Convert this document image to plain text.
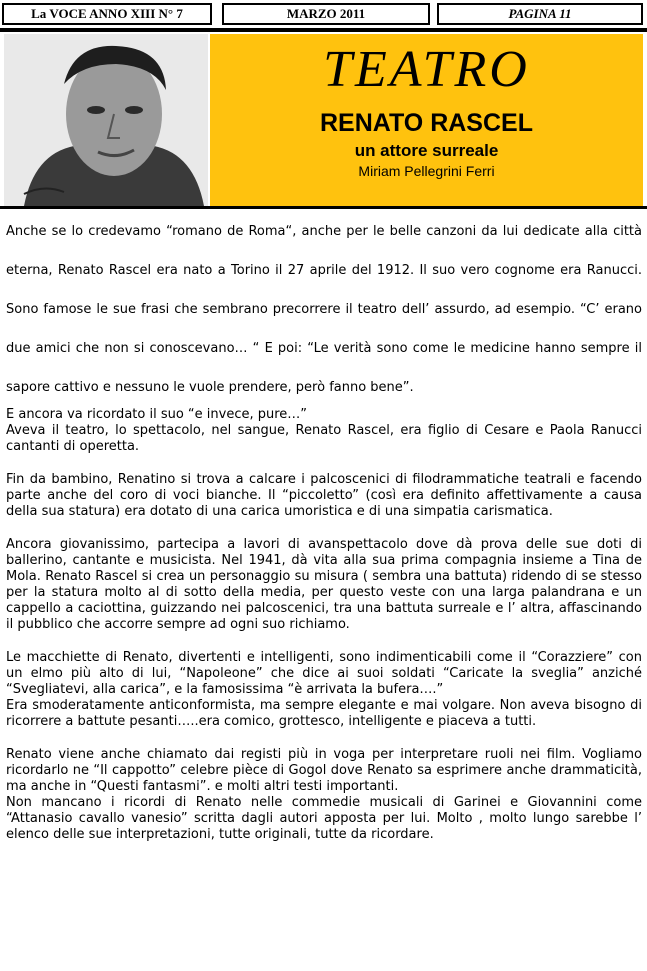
La VOCE ANNO XIII N° 7	MARZO 2011	PAGINA 11
TEATRO
RENATO RASCEL
un attore surreale
Miriam Pellegrini Ferri

Anche se lo credevamo “romano de Roma“, anche per le belle canzoni da lui dedicate alla città eterna, Renato Rascel era nato a Torino il 27 aprile del 1912. Il suo vero cognome era Ranucci. Sono famose le sue frasi che sembrano precorrere il teatro dell’ assurdo, ad esempio. “C’ erano due amici che non si conoscevano… “ E poi: “Le verità sono come le medicine hanno sempre il sapore cattivo e nessuno le vuole prendere, però fanno bene”.

E ancora va ricordato il suo “e invece, pure…”

Aveva il teatro, lo spettacolo, nel sangue, Renato Rascel, era figlio di Cesare e Paola Ranucci cantanti di operetta.

Fin da bambino, Renatino si trova a calcare i palcoscenici di filodrammatiche teatrali e facendo parte anche del coro di voci bianche. Il “piccoletto” (così era definito affettivamente a causa della sua statura) era dotato di una carica umoristica e di una simpatia carismatica.

Ancora giovanissimo, partecipa a lavori di avanspettacolo dove dà prova delle sue doti di ballerino, cantante e musicista. Nel 1941, dà vita alla sua prima compagnia insieme a Tina de Mola. Renato Rascel si crea un personaggio su misura ( sembra una battuta) ridendo di se stesso per la statura molto al di sotto della media, per questo veste con una larga palandrana e un cappello a caciottina, guizzando nei palcoscenici, tra una battuta surreale e l’ altra, affascinando il pubblico che accorre sempre ad ogni suo richiamo.

Le macchiette di Renato, divertenti e intelligenti, sono indimenticabili come il “Corazziere” con un elmo più alto di lui, “Napoleone” che dice ai suoi soldati “Caricate la sveglia” anziché “Svegliatevi, alla carica”, e la famosissima “è arrivata la bufera….”

Era smoderatamente anticonformista, ma sempre elegante e mai volgare. Non aveva bisogno di ricorrere a battute pesanti…..era comico, grottesco, intelligente e piaceva a tutti.

Renato viene anche chiamato dai registi più in voga per interpretare ruoli nei film. Vogliamo ricordarlo ne “Il cappotto” celebre pièce di Gogol dove Renato sa esprimere anche drammaticità, ma anche in “Questi fantasmi”. e molti altri testi importanti.

Non mancano i ricordi di Renato nelle commedie musicali di Garinei e Giovannini come “Attanasio cavallo vanesio” scritta dagli autori apposta per lui. Molto , molto lungo sarebbe l’ elenco delle sue interpretazioni, tutte originali, tutte da ricordare.
